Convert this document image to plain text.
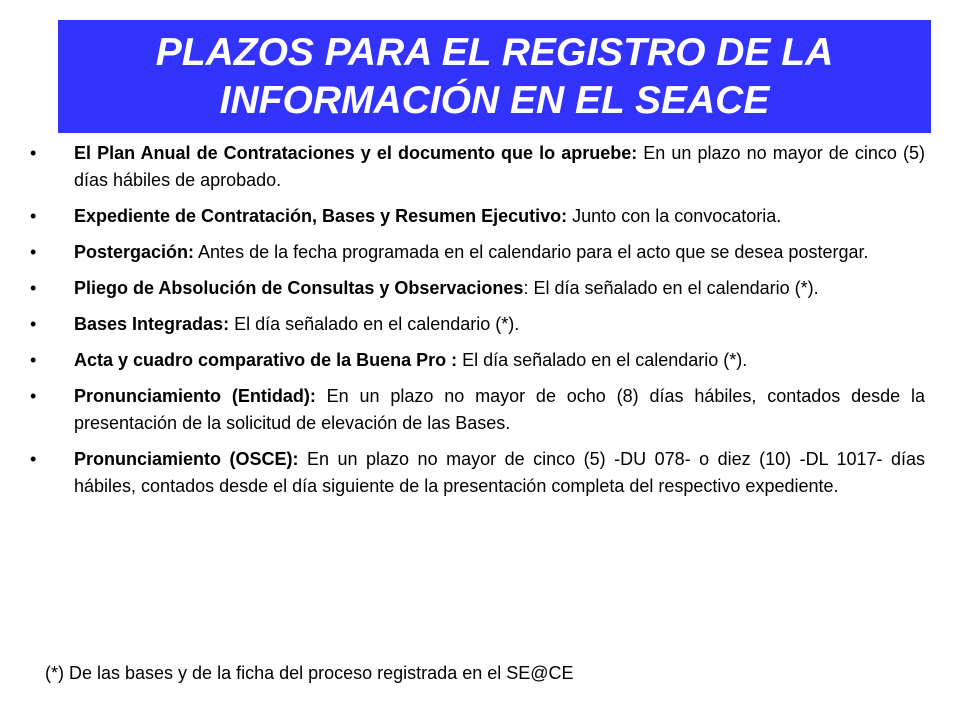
PLAZOS PARA EL REGISTRO DE LA
INFORMACIÓN EN EL SEACE
•	El Plan Anual de Contrataciones y el documento que lo apruebe: En un plazo no mayor de cinco (5) días hábiles de aprobado.
•	Expediente de Contratación, Bases y Resumen Ejecutivo: Junto con la convocatoria.
•	Postergación: Antes de la fecha programada en el calendario para el acto que se desea postergar.
•	Pliego de Absolución de Consultas y Observaciones: El día señalado en el calendario (*).
•	Bases Integradas: El día señalado en el calendario (*).
•	Acta y cuadro comparativo de la Buena Pro : El día señalado en el calendario (*).
•	Pronunciamiento (Entidad): En un plazo no mayor de ocho (8) días hábiles, contados desde la presentación de la solicitud de elevación de las Bases.
•	Pronunciamiento (OSCE): En un plazo no mayor de cinco (5) -DU 078- o diez (10) -DL 1017- días hábiles, contados desde el día siguiente de la presentación completa del respectivo expediente.
(*) De las bases y de la ficha del proceso registrada en el SE@CE
